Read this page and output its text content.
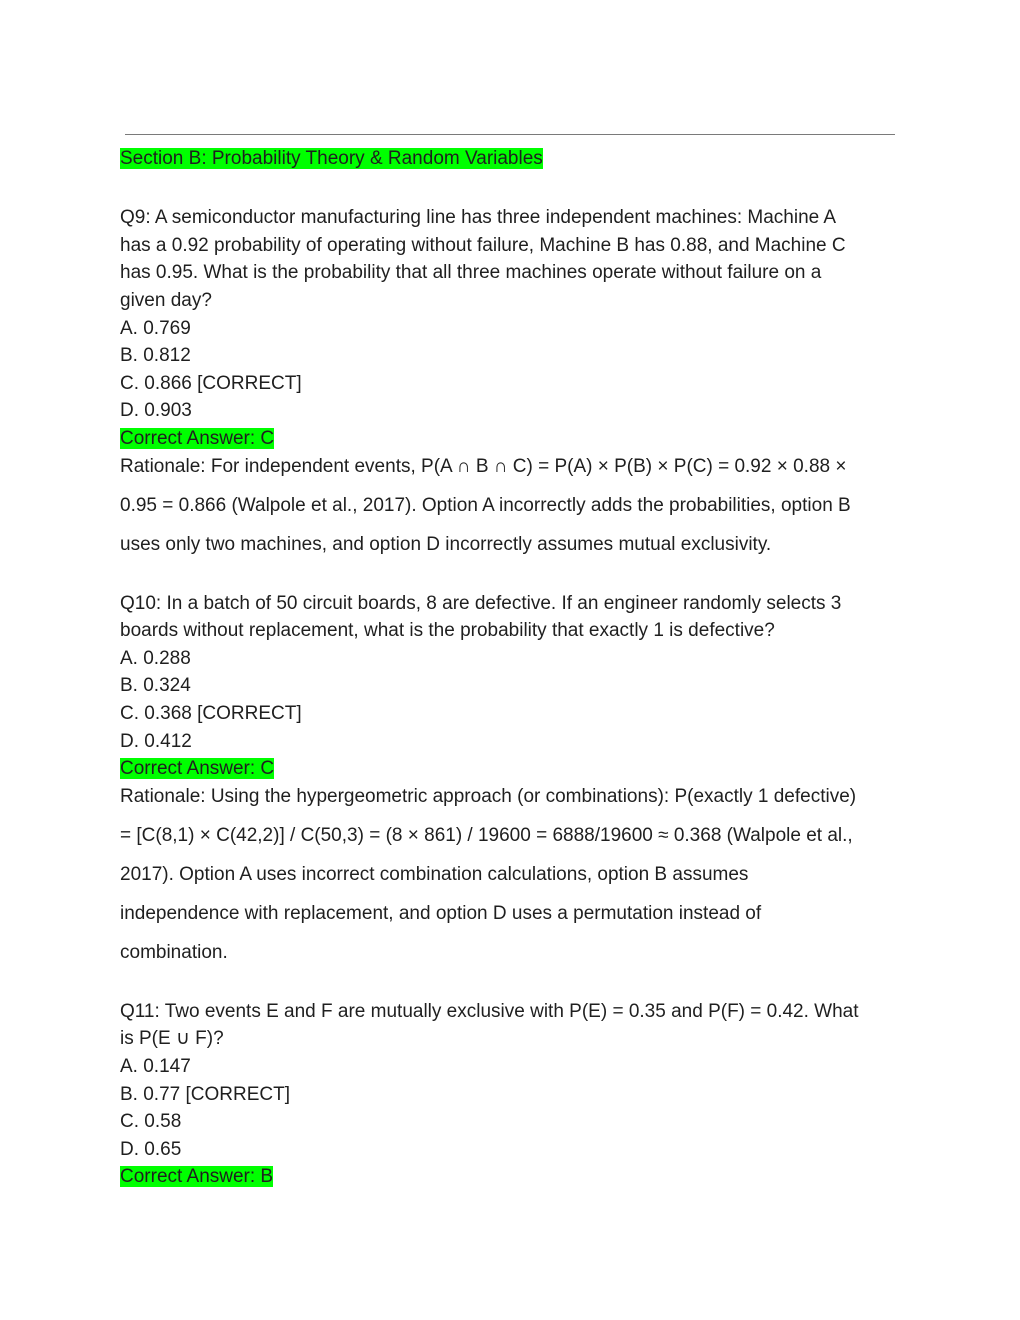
Section B: Probability Theory & Random Variables
Q9: A semiconductor manufacturing line has three independent machines: Machine A
has a 0.92 probability of operating without failure, Machine B has 0.88, and Machine C
has 0.95. What is the probability that all three machines operate without failure on a
given day?
A. 0.769
B. 0.812
C. 0.866 [CORRECT]
D. 0.903
Correct Answer: C
Rationale: For independent events, P(A ∩ B ∩ C) = P(A) × P(B) × P(C) = 0.92 × 0.88 ×
0.95 = 0.866 (Walpole et al., 2017). Option A incorrectly adds the probabilities, option B
uses only two machines, and option D incorrectly assumes mutual exclusivity.
Q10: In a batch of 50 circuit boards, 8 are defective. If an engineer randomly selects 3
boards without replacement, what is the probability that exactly 1 is defective?
A. 0.288
B. 0.324
C. 0.368 [CORRECT]
D. 0.412
Correct Answer: C
Rationale: Using the hypergeometric approach (or combinations): P(exactly 1 defective)
= [C(8,1) × C(42,2)] / C(50,3) = (8 × 861) / 19600 = 6888/19600 ≈ 0.368 (Walpole et al.,
2017). Option A uses incorrect combination calculations, option B assumes
independence with replacement, and option D uses a permutation instead of
combination.
Q11: Two events E and F are mutually exclusive with P(E) = 0.35 and P(F) = 0.42. What
is P(E ∪ F)?
A. 0.147
B. 0.77 [CORRECT]
C. 0.58
D. 0.65
Correct Answer: B
